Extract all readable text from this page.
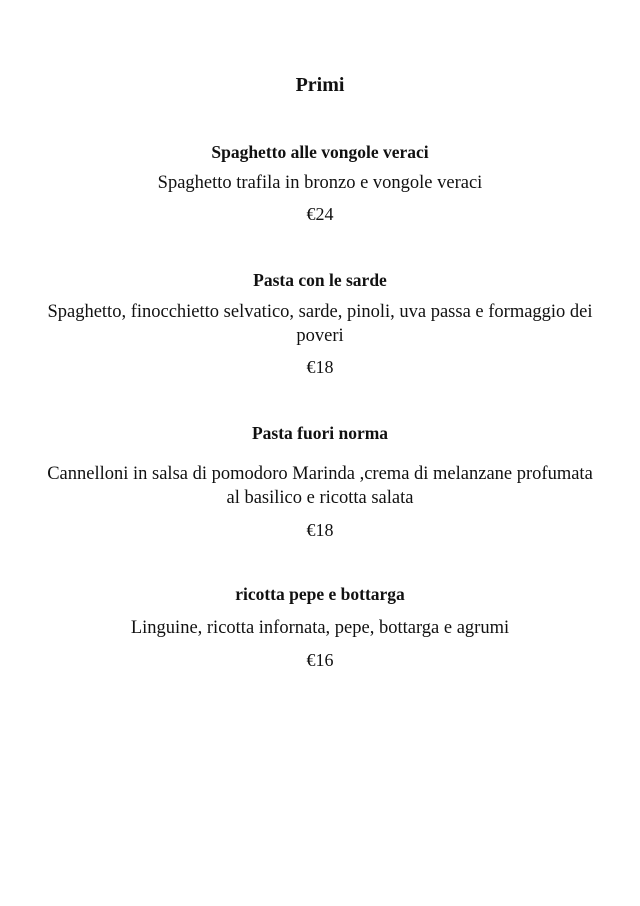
Primi
Spaghetto alle vongole veraci
Spaghetto trafila in bronzo e vongole veraci
€24
Pasta con le sarde
Spaghetto, finocchietto selvatico, sarde, pinoli, uva passa e formaggio dei
poveri
€18
Pasta fuori norma
Cannelloni in salsa di pomodoro Marinda ,crema di melanzane profumata
al basilico e ricotta salata
€18
ricotta pepe e bottarga
Linguine, ricotta infornata, pepe, bottarga e agrumi
€16
